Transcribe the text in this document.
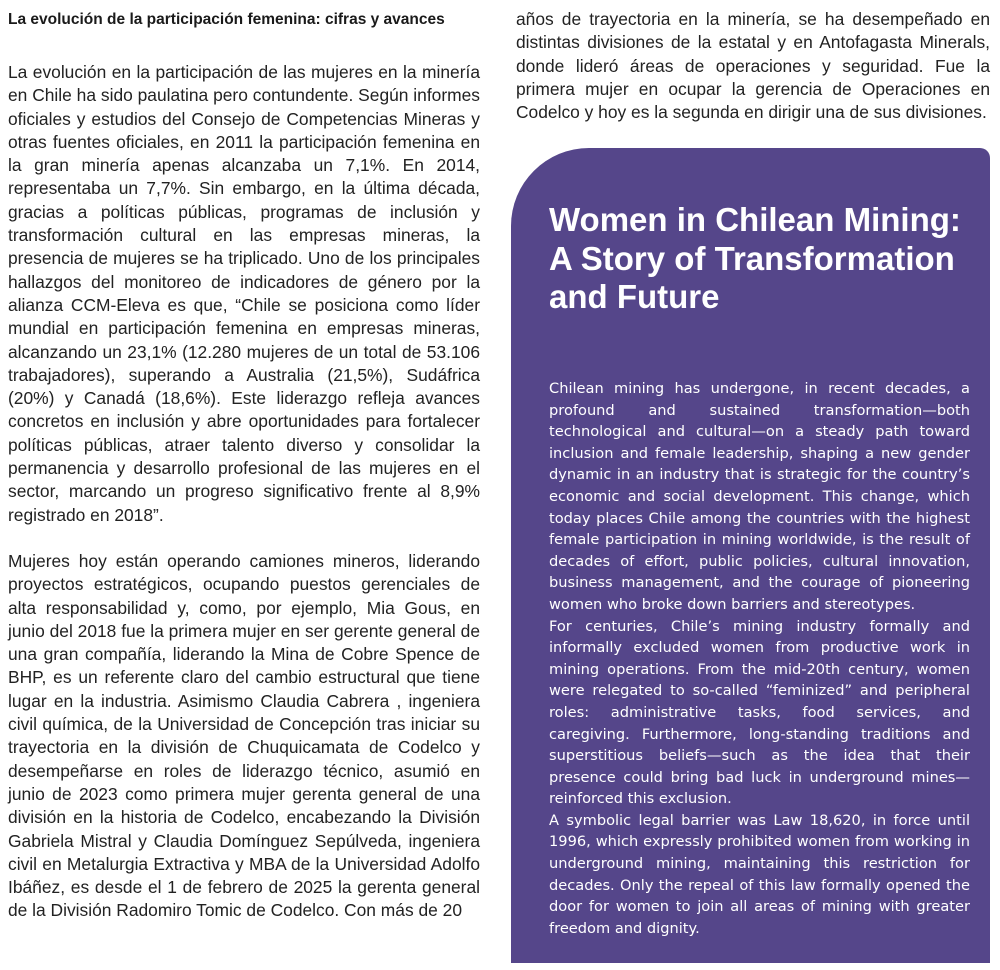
La evolución de la participación femenina: cifras y avances

La evolución en la participación de las mujeres en la minería en Chile ha sido paulatina pero contundente. Según informes oficiales y estudios del Consejo de Competencias Mineras y otras fuentes oficiales, en 2011 la participación femenina en la gran minería apenas alcanzaba un 7,1%. En 2014, representaba un 7,7%. Sin embargo, en la última década, gracias a políticas públicas, programas de inclusión y transformación cultural en las empresas mineras, la presencia de mujeres se ha triplicado. Uno de los principales hallazgos del monitoreo de indicadores de género por la alianza CCM-Eleva es que, “Chile se posiciona como líder mundial en participación femenina en empresas mineras, alcanzando un 23,1% (12.280 mujeres de un total de 53.106 trabajadores), superando a Australia (21,5%), Sudáfrica (20%) y Canadá (18,6%). Este liderazgo refleja avances concretos en inclusión y abre oportunidades para fortalecer políticas públicas, atraer talento diverso y consolidar la permanencia y desarrollo profesional de las mujeres en el sector, marcando un progreso significativo frente al 8,9% registrado en 2018”.

Mujeres hoy están operando camiones mineros, liderando proyectos estratégicos, ocupando puestos gerenciales de alta responsabilidad y, como, por ejemplo, Mia Gous, en junio del 2018 fue la primera mujer en ser gerente general de una gran compañía, liderando la Mina de Cobre Spence de BHP, es un referente claro del cambio estructural que tiene lugar en la industria. Asimismo Claudia Cabrera , ingeniera civil química, de la Universidad de Concepción tras iniciar su trayectoria en la división de Chuquicamata de Codelco y desempeñarse en roles de liderazgo técnico, asumió en junio de 2023 como primera mujer gerenta general de una división en la historia de Codelco, encabezando la División Gabriela Mistral y Claudia Domínguez Sepúlveda, ingeniera civil en Metalurgia Extractiva y MBA de la Universidad Adolfo Ibáñez, es desde el 1 de febrero de 2025 la gerenta general de la División Radomiro Tomic de Codelco. Con más de 20

años de trayectoria en la minería, se ha desempeñado en distintas divisiones de la estatal y en Antofagasta Minerals, donde lideró áreas de operaciones y seguridad. Fue la primera mujer en ocupar la gerencia de Operaciones en Codelco y hoy es la segunda en dirigir una de sus divisiones.

Women in Chilean Mining: A Story of Transformation and Future

Chilean mining has undergone, in recent decades, a profound and sustained transformation—both technological and cultural—on a steady path toward inclusion and female leadership, shaping a new gender dynamic in an industry that is strategic for the country’s economic and social development. This change, which today places Chile among the countries with the highest female participation in mining worldwide, is the result of decades of effort, public policies, cultural innovation, business management, and the courage of pioneering women who broke down barriers and stereotypes.

For centuries, Chile’s mining industry formally and informally excluded women from productive work in mining operations. From the mid-20th century, women were relegated to so-called “feminized” and peripheral roles: administrative tasks, food services, and caregiving. Furthermore, long-standing traditions and superstitious beliefs—such as the idea that their presence could bring bad luck in underground mines—reinforced this exclusion.

A symbolic legal barrier was Law 18,620, in force until 1996, which expressly prohibited women from working in underground mining, maintaining this restriction for decades. Only the repeal of this law formally opened the door for women to join all areas of mining with greater freedom and dignity.
